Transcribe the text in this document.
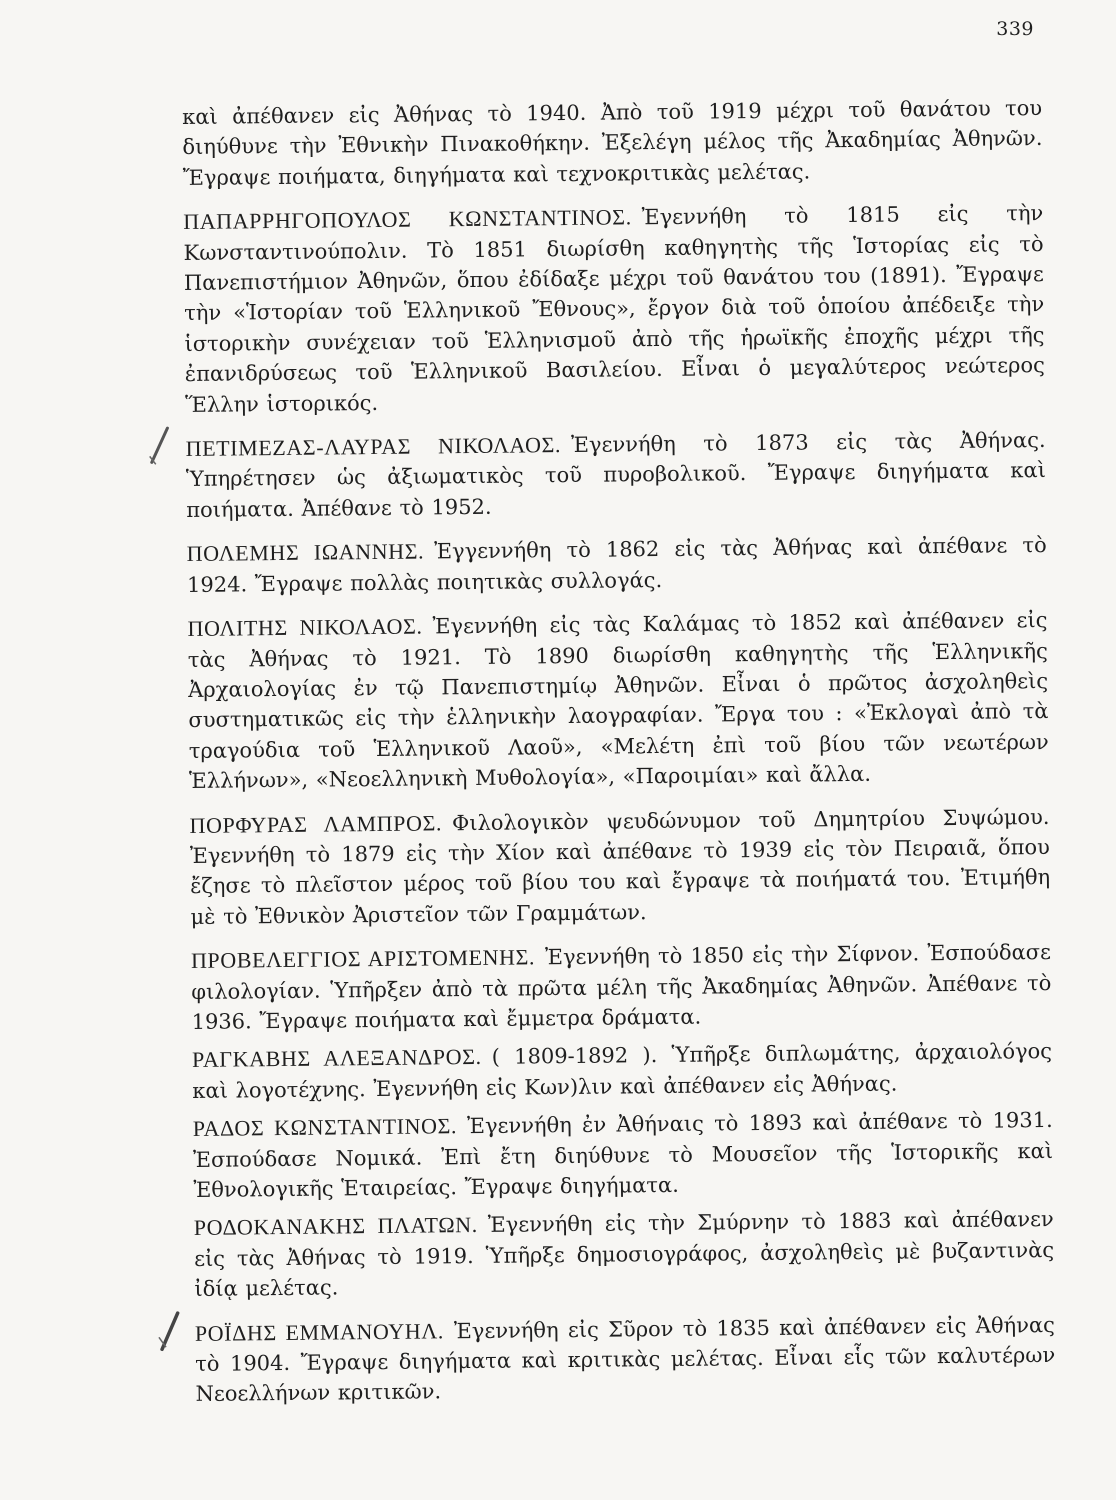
339

καὶ ἀπέθανεν εἰς Ἀθήνας τὸ 1940. Ἀπὸ τοῦ 1919 μέχρι τοῦ θανάτου του διηύθυνε τὴν Ἐθνικὴν Πινακοθήκην. Ἐξελέγη μέλος τῆς Ἀκαδημίας Ἀθηνῶν. Ἔγραψε ποιήματα, διηγήματα καὶ τεχνοκριτικὰς μελέτας.

ΠΑΠΑΡΡΗΓΟΠΟΥΛΟΣ ΚΩΝΣΤΑΝΤΙΝΟΣ. Ἐγεννήθη τὸ 1815 εἰς τὴν Κωνσταντινούπολιν. Τὸ 1851 διωρίσθη καθηγητὴς τῆς Ἱστορίας εἰς τὸ Πανεπιστήμιον Ἀθηνῶν, ὅπου ἐδίδαξε μέχρι τοῦ θανάτου του (1891). Ἔγραψε τὴν «Ἱστορίαν τοῦ Ἑλληνικοῦ Ἔθνους», ἔργον διὰ τοῦ ὁποίου ἀπέδειξε τὴν ἱστορικὴν συνέχειαν τοῦ Ἑλληνισμοῦ ἀπὸ τῆς ἡρωϊκῆς ἐποχῆς μέχρι τῆς ἐπανιδρύσεως τοῦ Ἑλληνικοῦ Βασιλείου. Εἶναι ὁ μεγαλύτερος νεώτερος Ἕλλην ἱστορικός.

ΠΕΤΙΜΕΖΑΣ-ΛΑΥΡΑΣ ΝΙΚΟΛΑΟΣ. Ἐγεννήθη τὸ 1873 εἰς τὰς Ἀθήνας. Ὑπηρέτησεν ὡς ἀξιωματικὸς τοῦ πυροβολικοῦ. Ἔγραψε διηγήματα καὶ ποιήματα. Ἀπέθανε τὸ 1952.

ΠΟΛΕΜΗΣ ΙΩΑΝΝΗΣ. Ἐγγεννήθη τὸ 1862 εἰς τὰς Ἀθήνας καὶ ἀπέθανε τὸ 1924. Ἔγραψε πολλὰς ποιητικὰς συλλογάς.

ΠΟΛΙΤΗΣ ΝΙΚΟΛΑΟΣ. Ἐγεννήθη εἰς τὰς Καλάμας τὸ 1852 καὶ ἀπέθανεν εἰς τὰς Ἀθήνας τὸ 1921. Τὸ 1890 διωρίσθη καθηγητὴς τῆς Ἑλληνικῆς Ἀρχαιολογίας ἐν τῷ Πανεπιστημίῳ Ἀθηνῶν. Εἶναι ὁ πρῶτος ἀσχοληθεὶς συστηματικῶς εἰς τὴν ἑλληνικὴν λαογραφίαν. Ἔργα του : «Ἐκλογαὶ ἀπὸ τὰ τραγούδια τοῦ Ἑλληνικοῦ Λαοῦ», «Μελέτη ἐπὶ τοῦ βίου τῶν νεωτέρων Ἑλλήνων», «Νεοελληνικὴ Μυθολογία», «Παροιμίαι» καὶ ἄλλα.

ΠΟΡΦΥΡΑΣ ΛΑΜΠΡΟΣ. Φιλολογικὸν ψευδώνυμον τοῦ Δημητρίου Συψώμου. Ἐγεννήθη τὸ 1879 εἰς τὴν Χίον καὶ ἀπέθανε τὸ 1939 εἰς τὸν Πειραιᾶ, ὅπου ἔζησε τὸ πλεῖστον μέρος τοῦ βίου του καὶ ἔγραψε τὰ ποιήματά του. Ἐτιμήθη μὲ τὸ Ἐθνικὸν Ἀριστεῖον τῶν Γραμμάτων.

ΠΡΟΒΕΛΕΓΓΙΟΣ ΑΡΙΣΤΟΜΕΝΗΣ. Ἐγεννήθη τὸ 1850 εἰς τὴν Σίφνον. Ἐσπούδασε φιλολογίαν. Ὑπῆρξεν ἀπὸ τὰ πρῶτα μέλη τῆς Ἀκαδημίας Ἀθηνῶν. Ἀπέθανε τὸ 1936. Ἔγραψε ποιήματα καὶ ἔμμετρα δράματα.

ΡΑΓΚΑΒΗΣ ΑΛΕΞΑΝΔΡΟΣ. ( 1809-1892 ). Ὑπῆρξε διπλωμάτης, ἀρχαιολόγος καὶ λογοτέχνης. Ἐγεννήθη εἰς Κων)λιν καὶ ἀπέθανεν εἰς Ἀθήνας.

ΡΑΔΟΣ ΚΩΝΣΤΑΝΤΙΝΟΣ. Ἐγεννήθη ἐν Ἀθήναις τὸ 1893 καὶ ἀπέθανε τὸ 1931. Ἐσπούδασε Νομικά. Ἐπὶ ἔτη διηύθυνε τὸ Μουσεῖον τῆς Ἱστορικῆς καὶ Ἐθνολογικῆς Ἑταιρείας. Ἔγραψε διηγήματα.

ΡΟΔΟΚΑΝΑΚΗΣ ΠΛΑΤΩΝ. Ἐγεννήθη εἰς τὴν Σμύρνην τὸ 1883 καὶ ἀπέθανεν εἰς τὰς Ἀθήνας τὸ 1919. Ὑπῆρξε δημοσιογράφος, ἀσχοληθεὶς μὲ βυζαντινὰς ἰδίᾳ μελέτας.

ΡΟΪΔΗΣ ΕΜΜΑΝΟΥΗΛ. Ἐγεννήθη εἰς Σῦρον τὸ 1835 καὶ ἀπέθανεν εἰς Ἀθήνας τὸ 1904. Ἔγραψε διηγήματα καὶ κριτικὰς μελέτας. Εἶναι εἷς τῶν καλυτέρων Νεοελλήνων κριτικῶν.
